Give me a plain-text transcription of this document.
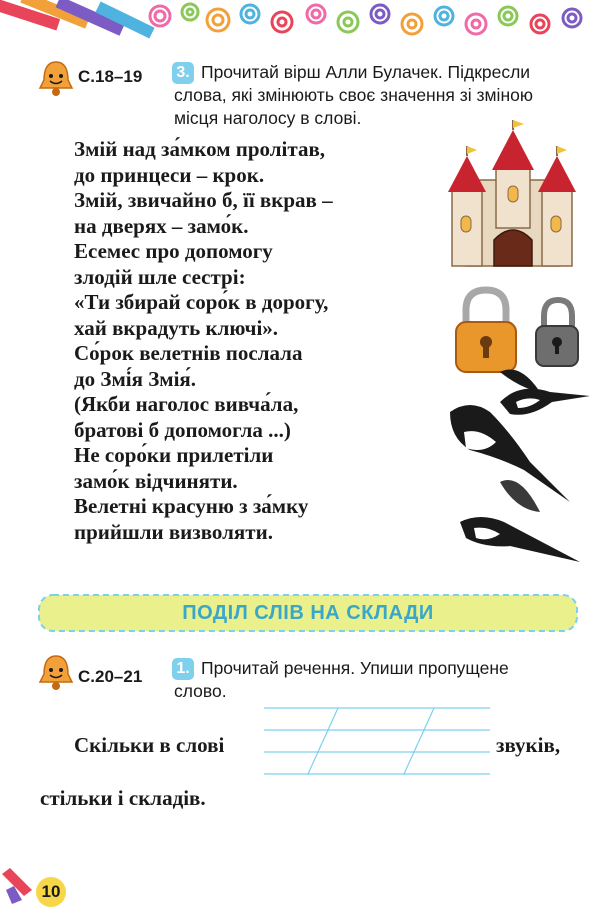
С.18–19 3. Прочитай вірш Алли Булачек. Підкресли
слова, які змінюють своє значення зі зміною
місця наголосу в слові.
Змій над за́мком пролітав,
до принцеси – крок.
Змій, звичайно б, її вкрав –
на дверях – замо́к.
Есемес про допомогу
злодій шле сестрі:
«Ти збирай соро́к в дорогу,
хай вкрадуть ключі».
Со́рок велетнів послала
до Змі́я Змія́.
(Якби наголос вивча́ла,
братові б допомогла ...)
Не соро́ки прилетіли
замо́к відчиняти.
Велетні красуню з за́мку
прийшли визволяти.
ПОДІЛ СЛІВ НА СКЛАДИ
С.20–21 1. Прочитай речення. Упиши пропущене
слово.
Скільки в слові	звуків,
стільки і складів.
10
